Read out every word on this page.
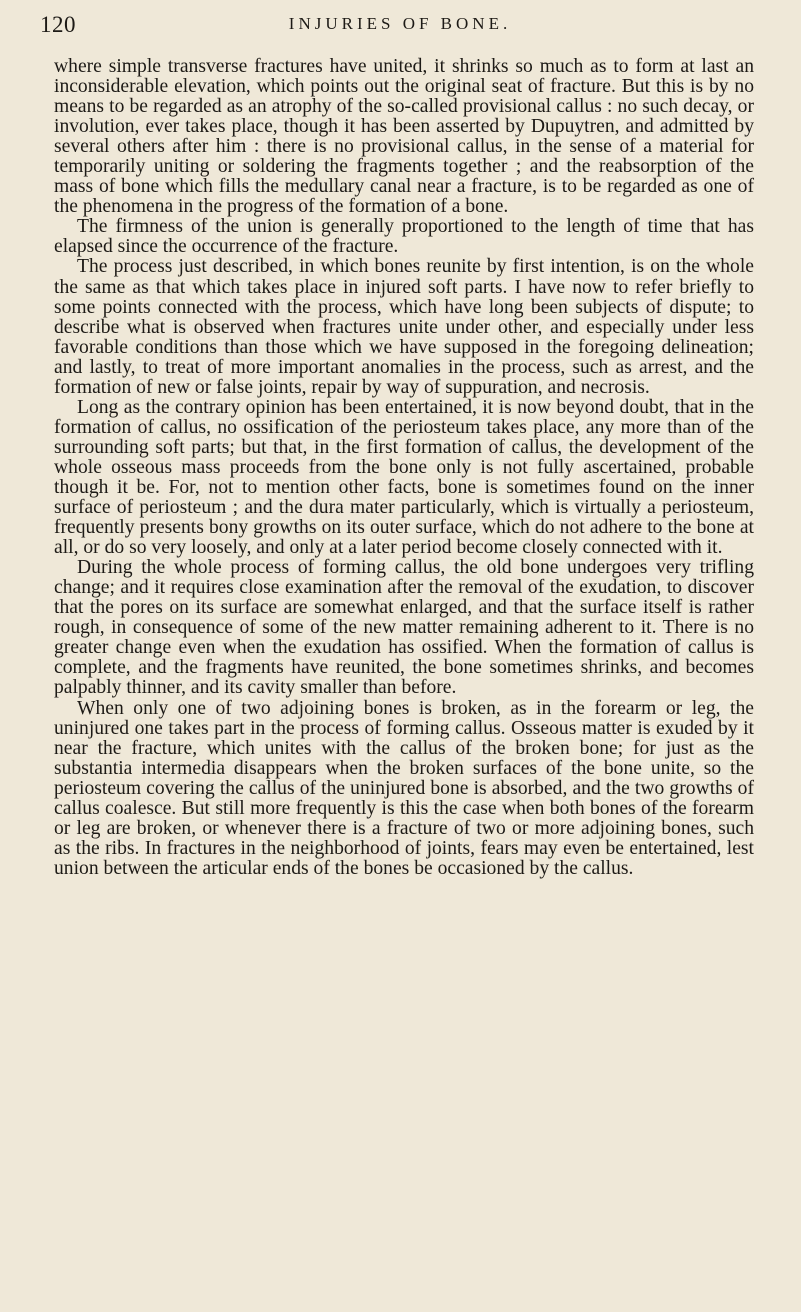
120	INJURIES OF BONE.

where simple transverse fractures have united, it shrinks so much as to form at last an inconsiderable elevation, which points out the original seat of fracture. But this is by no means to be regarded as an atrophy of the so-called provisional callus : no such decay, or involution, ever takes place, though it has been asserted by Dupuytren, and admitted by several others after him : there is no provisional callus, in the sense of a material for temporarily uniting or soldering the fragments together ; and the reabsorption of the mass of bone which fills the medullary canal near a fracture, is to be regarded as one of the phenomena in the progress of the formation of a bone.

The firmness of the union is generally proportioned to the length of time that has elapsed since the occurrence of the fracture.

The process just described, in which bones reunite by first intention, is on the whole the same as that which takes place in injured soft parts. I have now to refer briefly to some points connected with the process, which have long been subjects of dispute; to describe what is observed when fractures unite under other, and especially under less favorable conditions than those which we have supposed in the foregoing delineation; and lastly, to treat of more important anomalies in the process, such as arrest, and the formation of new or false joints, repair by way of suppuration, and necrosis.

Long as the contrary opinion has been entertained, it is now beyond doubt, that in the formation of callus, no ossification of the periosteum takes place, any more than of the surrounding soft parts; but that, in the first formation of callus, the development of the whole osseous mass proceeds from the bone only is not fully ascertained, probable though it be. For, not to mention other facts, bone is sometimes found on the inner surface of periosteum ; and the dura mater particularly, which is virtually a periosteum, frequently presents bony growths on its outer surface, which do not adhere to the bone at all, or do so very loosely, and only at a later period become closely connected with it.

During the whole process of forming callus, the old bone undergoes very trifling change; and it requires close examination after the removal of the exudation, to discover that the pores on its surface are somewhat enlarged, and that the surface itself is rather rough, in consequence of some of the new matter remaining adherent to it. There is no greater change even when the exudation has ossified. When the formation of callus is complete, and the fragments have reunited, the bone sometimes shrinks, and becomes palpably thinner, and its cavity smaller than before.

When only one of two adjoining bones is broken, as in the forearm or leg, the uninjured one takes part in the process of forming callus. Osseous matter is exuded by it near the fracture, which unites with the callus of the broken bone; for just as the substantia intermedia disappears when the broken surfaces of the bone unite, so the periosteum covering the callus of the uninjured bone is absorbed, and the two growths of callus coalesce. But still more frequently is this the case when both bones of the forearm or leg are broken, or whenever there is a fracture of two or more adjoining bones, such as the ribs. In fractures in the neighborhood of joints, fears may even be entertained, lest union between the articular ends of the bones be occasioned by the callus.
